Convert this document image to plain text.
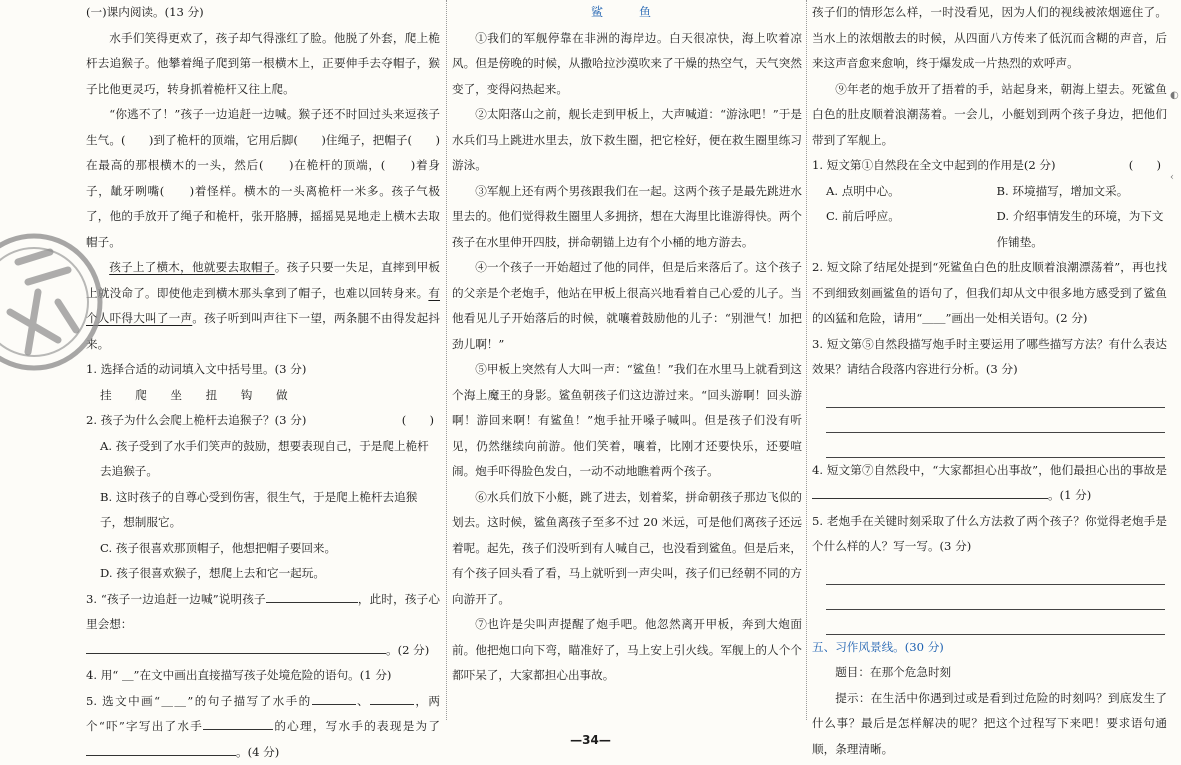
(一)课内阅读。(13 分)

水手们笑得更欢了，孩子却气得涨红了脸。他脱了外套，爬上桅杆去追猴子。他攀着绳子爬到第一根横木上，正要伸手去夺帽子，猴子比他更灵巧，转身抓着桅杆又往上爬。

“你逃不了！”孩子一边追赶一边喊。猴子还不时回过头来逗孩子生气。(　　)到了桅杆的顶端，它用后脚(　　)住绳子，把帽子(　　)在最高的那根横木的一头，然后(　　)在桅杆的顶端，(　　)着身子，龇牙咧嘴(　　)着怪样。横木的一头离桅杆一米多。孩子气极了，他的手放开了绳子和桅杆，张开胳膊，摇摇晃晃地走上横木去取帽子。

孩子上了横木，他就要去取帽子。孩子只要一失足，直摔到甲板上就没命了。即使他走到横木那头拿到了帽子，也难以回转身来。有个人吓得大叫了一声。孩子听到叫声往下一望，两条腿不由得发起抖来。

1. 选择合适的动词填入文中括号里。(3 分)

挂　爬　坐　扭　钩　做

2. 孩子为什么会爬上桅杆去追猴子？(3 分)	(　　)

A. 孩子受到了水手们笑声的鼓励，想要表现自己，于是爬上桅杆去追猴子。

B. 这时孩子的自尊心受到伤害，很生气，于是爬上桅杆去追猴子，想制服它。

C. 孩子很喜欢那顶帽子，他想把帽子要回来。

D. 孩子很喜欢猴子，想爬上去和它一起玩。

3. “孩子一边追赶一边喊”说明孩子	，此时，孩子心里会想：
。(2 分)

4. 用“ ＿”在文中画出直接描写孩子处境危险的语句。(1 分)

5. 选文中画“＿＿”的句子描写了水手的	、	，两个“吓”字写出了水手	的心理，写水手的表现是为了。(4 分)

鲨　鱼

①我们的军舰停靠在非洲的海岸边。白天很凉快，海上吹着凉风。但是傍晚的时候，从撒哈拉沙漠吹来了干燥的热空气，天气突然变了，变得闷热起来。

②太阳落山之前，舰长走到甲板上，大声喊道：“游泳吧！”于是水兵们马上跳进水里去，放下救生圈，把它栓好，便在救生圈里练习游泳。

③军舰上还有两个男孩跟我们在一起。这两个孩子是最先跳进水里去的。他们觉得救生圈里人多拥挤，想在大海里比谁游得快。两个孩子在水里伸开四肢，拼命朝锚上边有个小桶的地方游去。

④一个孩子一开始超过了他的同伴，但是后来落后了。这个孩子的父亲是个老炮手，他站在甲板上很高兴地看着自己心爱的儿子。当他看见儿子开始落后的时候，就嚷着鼓励他的儿子：“别泄气！加把劲儿啊！”

⑤甲板上突然有人大叫一声：“鲨鱼！”我们在水里马上就看到这个海上魔王的身影。鲨鱼朝孩子们这边游过来。“回头游啊！回头游啊！游回来啊！有鲨鱼！”炮手扯开嗓子喊叫。但是孩子们没有听见，仍然继续向前游。他们笑着，嚷着，比刚才还要快乐，还要喧闹。炮手吓得脸色发白，一动不动地瞧着两个孩子。

⑥水兵们放下小艇，跳了进去，划着桨，拼命朝孩子那边飞似的划去。这时候，鲨鱼离孩子至多不过 20 米远，可是他们离孩子还远着呢。起先，孩子们没听到有人喊自己，也没看到鲨鱼。但是后来，有个孩子回头看了看，马上就听到一声尖叫，孩子们已经朝不同的方向游开了。

⑦也许是尖叫声提醒了炮手吧。他忽然离开甲板，奔到大炮面前。他把炮口向下弯，瞄准好了，马上安上引火线。军舰上的人个个都吓呆了，大家都担心出事故。

孩子们的情形怎么样，一时没看见，因为人们的视线被浓烟遮住了。当水上的浓烟散去的时候，从四面八方传来了低沉而含糊的声音，后来这声音愈来愈响，终于爆发成一片热烈的欢呼声。

⑨年老的炮手放开了捂着的手，站起身来，朝海上望去。死鲨鱼白色的肚皮顺着浪潮荡着。一会儿，小艇划到两个孩子身边，把他们带到了军舰上。

1. 短文第①自然段在全文中起到的作用是(2 分)	(　　)

A. 点明中心。	B. 环境描写，增加文采。

C. 前后呼应。	D. 介绍事情发生的环境，为下文作铺垫。

2. 短文除了结尾处提到“死鲨鱼白色的肚皮顺着浪潮漂荡着”，再也找不到细致刻画鲨鱼的语句了，但我们却从文中很多地方感受到了鲨鱼的凶猛和危险，请用“＿＿”画出一处相关语句。(2 分)

3. 短文第⑤自然段描写炮手时主要运用了哪些描写方法？有什么表达效果？请结合段落内容进行分析。(3 分)

4. 短文第⑦自然段中，“大家都担心出事故”，他们最担心出的事故是。(1 分)

5. 老炮手在关键时刻采取了什么方法救了两个孩子？你觉得老炮手是个什么样的人？写一写。(3 分)

五、习作风景线。(30 分)

题目：在那个危急时刻

提示：在生活中你遇到过或是看到过危险的时刻吗？到底发生了什么事？最后是怎样解决的呢？把这个过程写下来吧！要求语句通顺，条理清晰。

◐
‹
—34—
